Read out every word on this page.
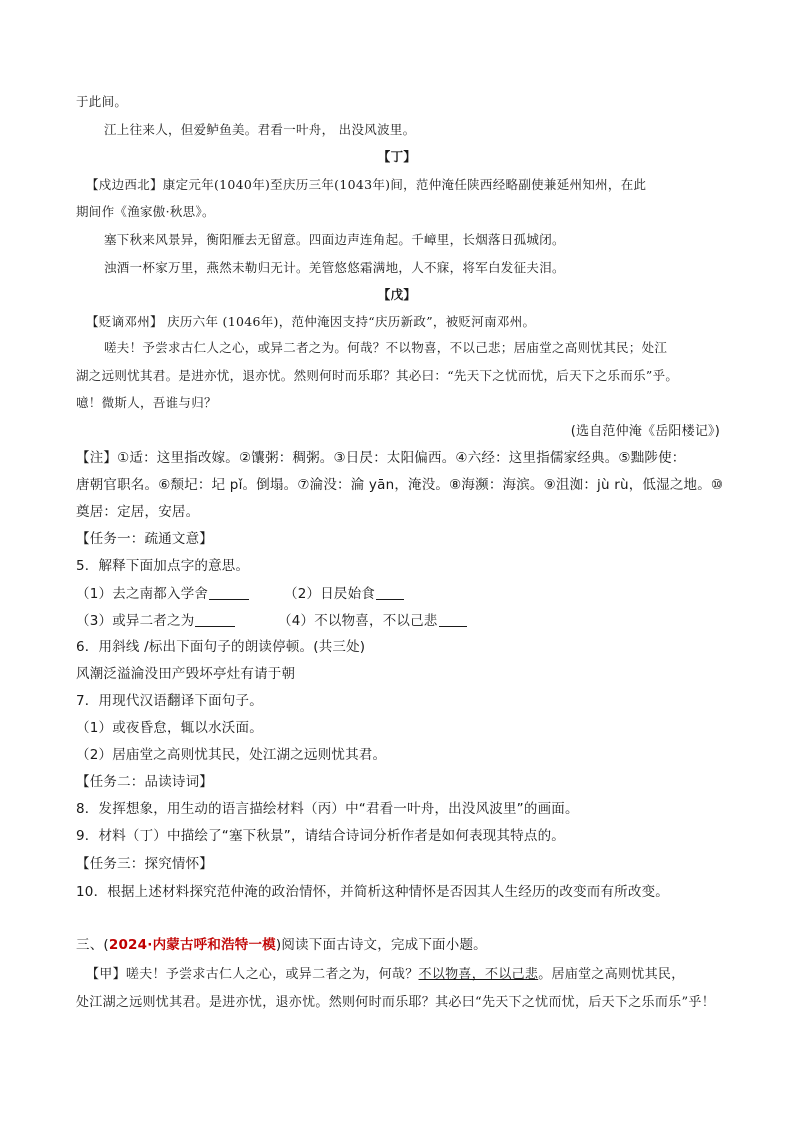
于此间。
江上往来人，但爱鲈鱼美。君看一叶舟， 出没风波里。
【丁】
【戍边西北】康定元年(1040年)至庆历三年(1043年)间，范仲淹任陕西经略副使兼延州知州，在此
期间作《渔家傲·秋思》。
塞下秋来风景异，衡阳雁去无留意。四面边声连角起。千嶂里，长烟落日孤城闭。
浊酒一杯家万里，燕然未勒归无计。羌管悠悠霜满地，人不寐，将军白发征夫泪。
【戊】
【贬谪邓州】 庆历六年 (1046年)，范仲淹因支持“庆历新政”，被贬河南邓州。
嗟夫！予尝求古仁人之心，或异二者之为。何哉？不以物喜，不以己悲；居庙堂之高则忧其民；处江
湖之远则忧其君。是进亦忧，退亦忧。然则何时而乐耶？其必曰：“先天下之忧而忧，后天下之乐而乐”乎。
噫！微斯人，吾谁与归？
(选自范仲淹《岳阳楼记》)
【注】①适：这里指改嫁。②馕粥：稠粥。③日昃：太阳偏西。④六经：这里指儒家经典。⑤黜陟使：
唐朝官职名。⑥颓圮：圮 pǐ。倒塌。⑦淪没：淪 yān，淹没。⑧海濒：海滨。⑨沮洳：jù rù，低湿之地。⑩
奠居：定居，安居。
【任务一：疏通文意】
5．解释下面加点字的意思。
（1）去之南都入学舍	（2）日昃始食
（3）或异二者之为	（4）不以物喜，不以己悲
6．用斜线 /标出下面句子的朗读停顿。(共三处)
风潮泛溢淪没田产毁坏亭灶有请于朝
7．用现代汉语翻译下面句子。
（1）或夜昏怠，辄以水沃面。
（2）居庙堂之高则忧其民，处江湖之远则忧其君。
【任务二：品读诗词】
8．发挥想象，用生动的语言描绘材料（丙）中“君看一叶舟，出没风波里”的画面。
9．材料（丁）中描绘了“塞下秋景”，请结合诗词分析作者是如何表现其特点的。
【任务三：探究情怀】
10．根据上述材料探究范仲淹的政治情怀，并简析这种情怀是否因其人生经历的改变而有所改变。
三、(2024·内蒙古呼和浩特一模)阅读下面古诗文，完成下面小题。
【甲】嗟夫！予尝求古仁人之心，或异二者之为，何哉？不以物喜，不以己悲。居庙堂之高则忧其民，
处江湖之远则忧其君。是进亦忧，退亦忧。然则何时而乐耶？其必曰“先天下之忧而忧，后天下之乐而乐”乎！
